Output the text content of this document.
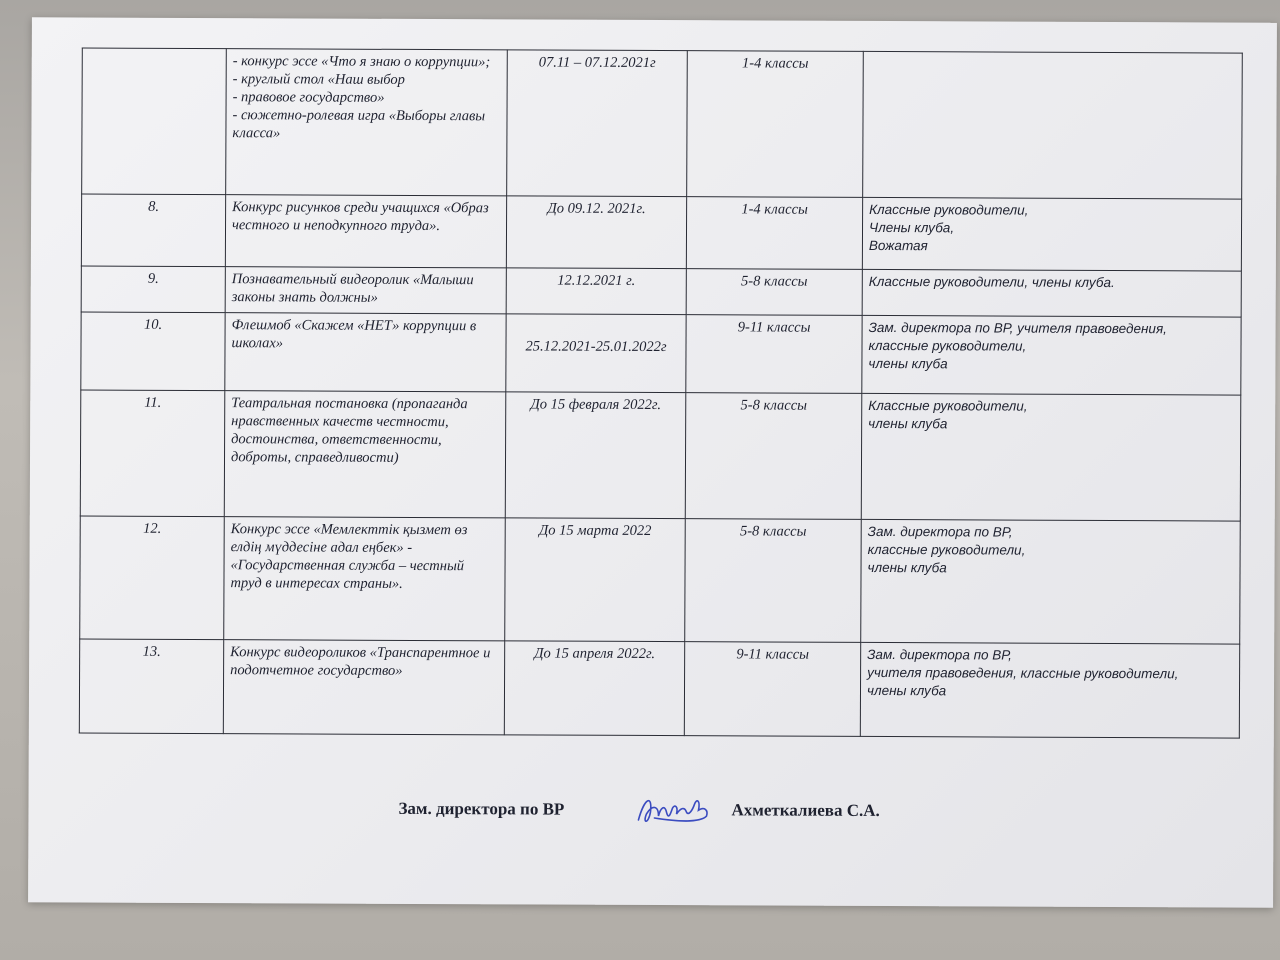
	- конкурс эссе «Что я знаю о коррупции»;
- круглый стол «Наш выбор
- правовое государство»
- сюжетно-ролевая игра «Выборы главы класса»	07.11 – 07.12.2021г	1-4 классы	
8.	Конкурс рисунков среди учащихся «Образ честного и неподкупного труда».	До 09.12. 2021г.	1-4 классы	Классные руководители,
Члены клуба,
Вожатая

9.	Познавательный видеоролик «Малыши законы знать должны»	12.12.2021 г.	5-8 классы	Классные руководители, члены клуба.

10.	Флешмоб «Скажем «НЕТ» коррупции в школах»	25.12.2021-25.01.2022г	9-11 классы	Зам. директора по ВР, учителя правоведения,
классные руководители,
члены клуба

11.	Театральная постановка (пропаганда нравственных качеств честности, достоинства, ответственности, доброты, справедливости)	До 15 февраля 2022г.	5-8 классы	Классные руководители,
члены клуба

12.	Конкурс эссе «Мемлекттік қызмет өз елдің мүддесіне адал еңбек» - «Государственная служба – честный труд в интересах страны».	До 15 марта 2022	5-8 классы	Зам. директора по ВР,
классные руководители,
члены клуба

13.	Конкурс видеороликов «Транспарентное и подотчетное государство»	До 15 апреля 2022г.	9-11 классы	Зам. директора по ВР,
учителя правоведения, классные руководители,
члены клуба
Зам. директора по ВР	Ахметкалиева С.А.
